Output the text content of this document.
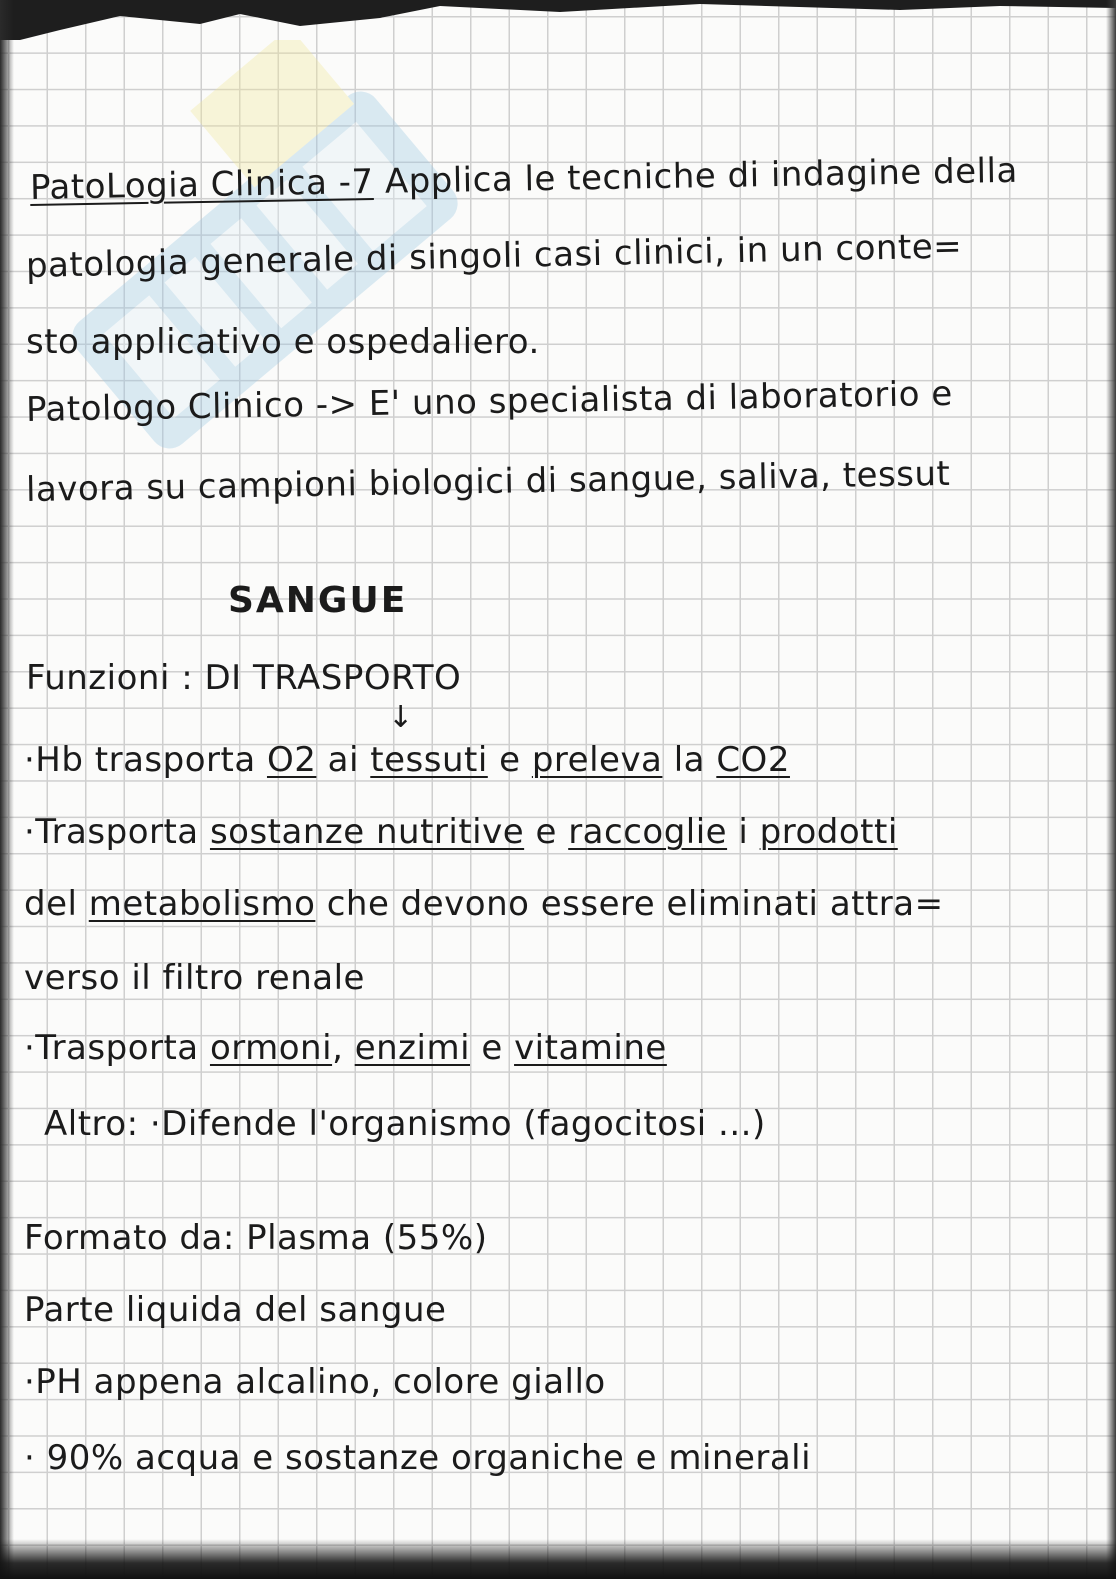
PatoLogia Clinica -7 Applica le tecniche di indagine della
patologia generale di singoli casi clinici, in un conte=
sto applicativo e ospedaliero.
Patologo Clinico -> E' uno specialista di laboratorio e
lavora su campioni biologici di sangue, saliva, tessut
SANGUE
Funzioni : DI TRASPORTO
↓
·Hb trasporta O2 ai tessuti e preleva la CO2
·Trasporta sostanze nutritive e raccoglie i prodotti
del metabolismo che devono essere eliminati attra=
verso il filtro renale
·Trasporta ormoni, enzimi e vitamine
Altro: ·Difende l'organismo (fagocitosi ...)
Formato da: Plasma (55%)
Parte liquida del sangue
·PH appena alcalino, colore giallo
· 90% acqua e sostanze organiche e minerali
